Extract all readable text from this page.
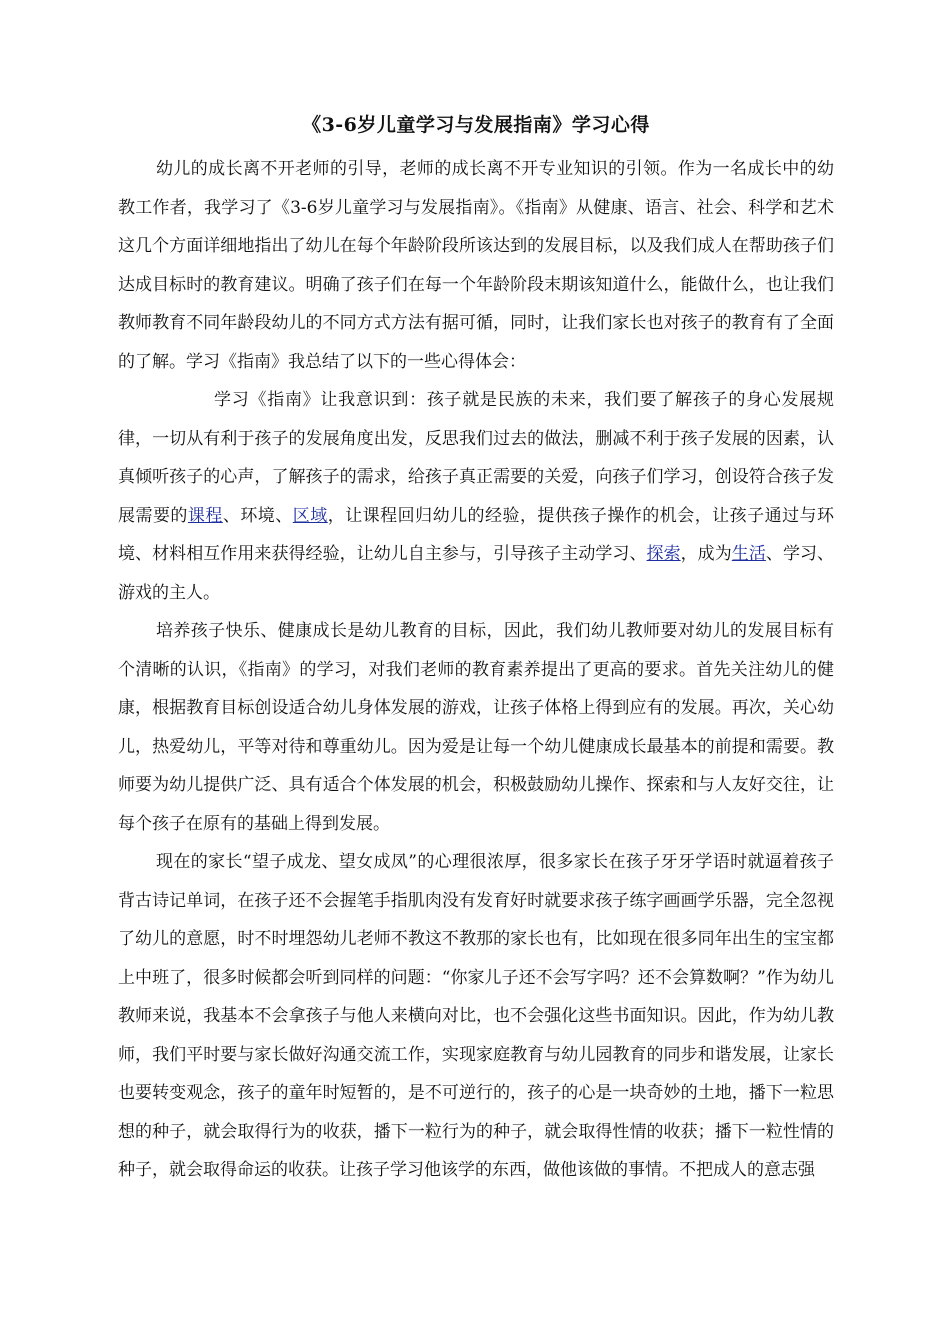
《3-6岁儿童学习与发展指南》学习心得

幼儿的成长离不开老师的引导，老师的成长离不开专业知识的引领。作为一名成长中的幼教工作者，我学习了《3-6岁儿童学习与发展指南》。《指南》从健康、语言、社会、科学和艺术这几个方面详细地指出了幼儿在每个年龄阶段所该达到的发展目标，以及我们成人在帮助孩子们达成目标时的教育建议。明确了孩子们在每一个年龄阶段末期该知道什么，能做什么，也让我们教师教育不同年龄段幼儿的不同方式方法有据可循，同时，让我们家长也对孩子的教育有了全面的了解。学习《指南》我总结了以下的一些心得体会：

学习《指南》让我意识到：孩子就是民族的未来，我们要了解孩子的身心发展规律，一切从有利于孩子的发展角度出发，反思我们过去的做法，删减不利于孩子发展的因素，认真倾听孩子的心声，了解孩子的需求，给孩子真正需要的关爱，向孩子们学习，创设符合孩子发展需要的课程、环境、区域，让课程回归幼儿的经验，提供孩子操作的机会，让孩子通过与环境、材料相互作用来获得经验，让幼儿自主参与，引导孩子主动学习、探索，成为生活、学习、游戏的主人。

培养孩子快乐、健康成长是幼儿教育的目标，因此，我们幼儿教师要对幼儿的发展目标有个清晰的认识，《指南》的学习，对我们老师的教育素养提出了更高的要求。首先关注幼儿的健康，根据教育目标创设适合幼儿身体发展的游戏，让孩子体格上得到应有的发展。再次，关心幼儿，热爱幼儿，平等对待和尊重幼儿。因为爱是让每一个幼儿健康成长最基本的前提和需要。教师要为幼儿提供广泛、具有适合个体发展的机会，积极鼓励幼儿操作、探索和与人友好交往，让每个孩子在原有的基础上得到发展。

现在的家长“望子成龙、望女成凤”的心理很浓厚，很多家长在孩子牙牙学语时就逼着孩子背古诗记单词，在孩子还不会握笔手指肌肉没有发育好时就要求孩子练字画画学乐器，完全忽视了幼儿的意愿，时不时埋怨幼儿老师不教这不教那的家长也有，比如现在很多同年出生的宝宝都上中班了，很多时候都会听到同样的问题：“你家儿子还不会写字吗？还不会算数啊？”作为幼儿教师来说，我基本不会拿孩子与他人来横向对比，也不会强化这些书面知识。因此，作为幼儿教师，我们平时要与家长做好沟通交流工作，实现家庭教育与幼儿园教育的同步和谐发展，让家长也要转变观念，孩子的童年时短暂的，是不可逆行的，孩子的心是一块奇妙的土地，播下一粒思想的种子，就会取得行为的收获，播下一粒行为的种子，就会取得性情的收获；播下一粒性情的种子，就会取得命运的收获。让孩子学习他该学的东西，做他该做的事情。不把成人的意志强
